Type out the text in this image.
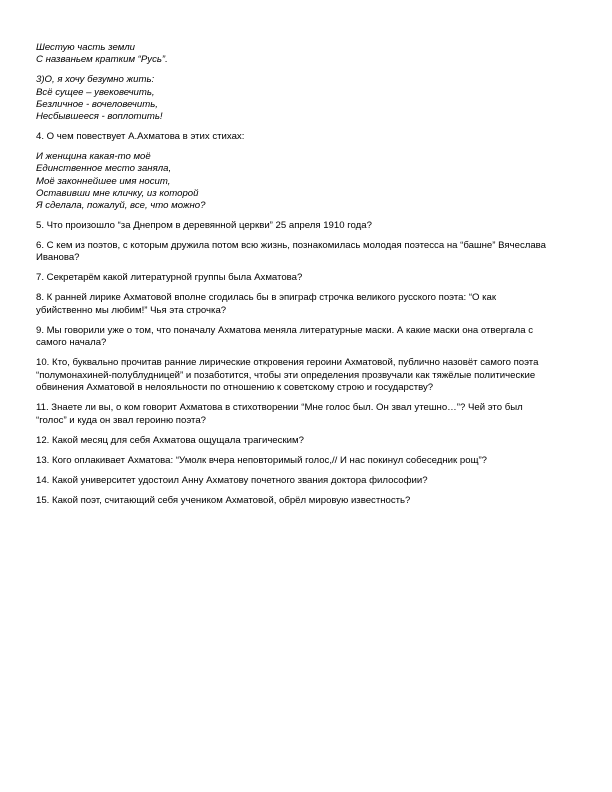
Шестую часть земли
С названьем кратким “Русь”.
3)О, я хочу безумно жить:
Всё сущее – увековечить,
Безличное - вочеловечить,
Несбывшееся - воплотить!
4. О чем повествует А.Ахматова в этих стихах:
И женщина какая-то моё
Единственное место заняла,
Моё законнейшее имя носит,
Оставивши мне кличку, из которой
Я сделала, пожалуй, все, что можно?
5. Что произошло “за Днепром в деревянной церкви” 25 апреля 1910 года?
6. С кем из поэтов, с которым дружила потом всю жизнь, познакомилась молодая поэтесса на “башне” Вячеслава
Иванова?
7. Секретарём какой литературной группы была Ахматова?
8. К ранней лирике Ахматовой вполне сгодилась бы в эпиграф строчка великого русского поэта: “О как
убийственно мы любим!” Чья эта строчка?
9. Мы говорили уже о том, что поначалу Ахматова меняла литературные маски. А какие маски она отвергала с
самого начала?
10. Кто, буквально прочитав ранние лирические откровения героини Ахматовой, публично назовёт самого поэта
“полумонахиней-полублудницей” и позаботится, чтобы эти определения прозвучали как тяжёлые политические
обвинения Ахматовой в нелояльности по отношению к советскому строю и государству?
11. Знаете ли вы, о ком говорит Ахматова в стихотворении “Мне голос был. Он звал утешно…”? Чей это был
“голос” и куда он звал героиню поэта?
12. Какой месяц для себя Ахматова ощущала трагическим?
13. Кого оплакивает Ахматова: “Умолк вчера неповторимый голос,// И нас покинул собеседник рощ”?
14. Какой университет удостоил Анну Ахматову почетного звания доктора философии?
15. Какой поэт, считающий себя учеником Ахматовой, обрёл мировую известность?
